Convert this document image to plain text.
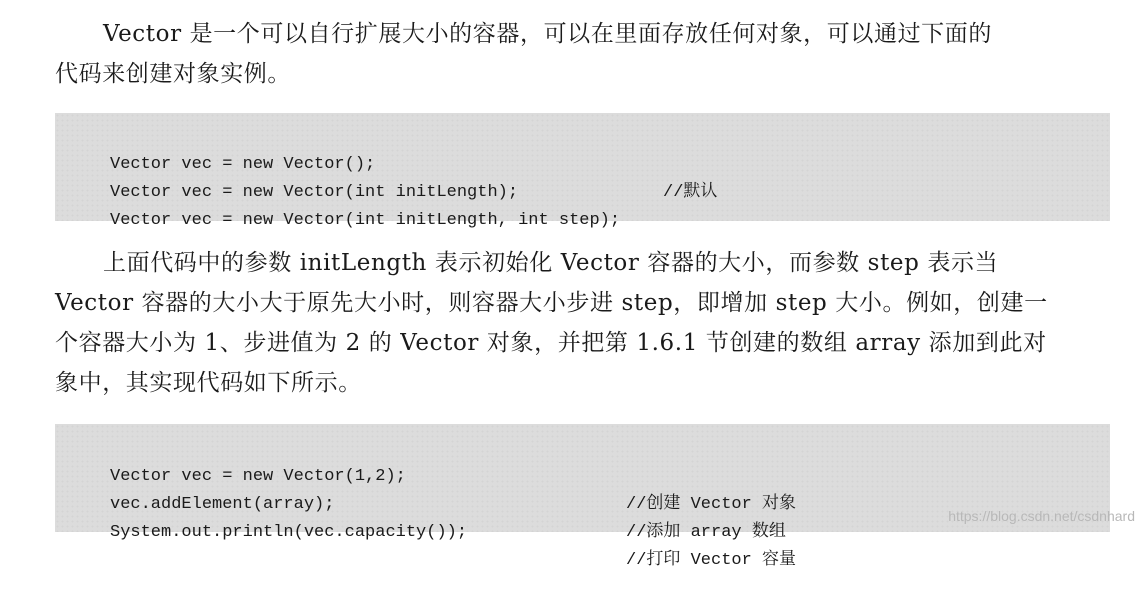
Vector 是一个可以自行扩展大小的容器，可以在里面存放任何对象，可以通过下面的
代码来创建对象实例。

Vector vec = new Vector();

//默认

Vector vec = new Vector(int initLength);

Vector vec = new Vector(int initLength, int step);

上面代码中的参数 initLength 表示初始化 Vector 容器的大小，而参数 step 表示当
Vector 容器的大小大于原先大小时，则容器大小步进 step，即增加 step 大小。例如，创建一
个容器大小为 1、步进值为 2 的 Vector 对象，并把第 1.6.1 节创建的数组 array 添加到此对
象中，其实现代码如下所示。

Vector vec = new Vector(1,2);

//创建 Vector 对象

vec.addElement(array);

//添加 array 数组

System.out.println(vec.capacity());

//打印 Vector 容量

https://blog.csdn.net/csdnhard
